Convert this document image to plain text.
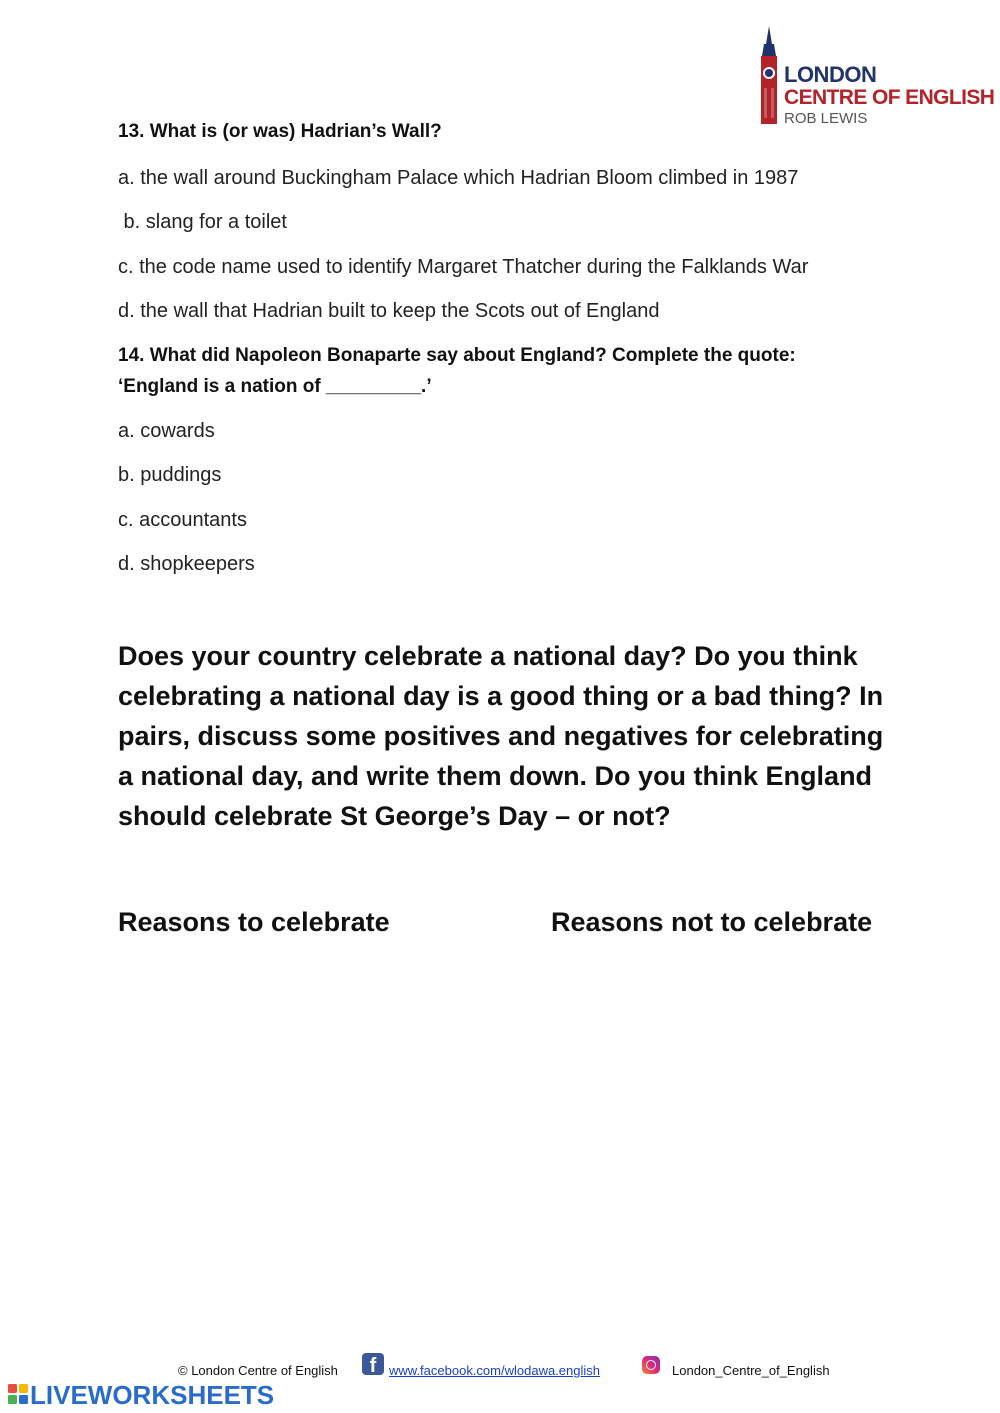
LONDON
CENTRE OF ENGLISH
ROB LEWIS
13. What is (or was) Hadrian’s Wall?
a. the wall around Buckingham Palace which Hadrian Bloom climbed in 1987
b. slang for a toilet
c. the code name used to identify Margaret Thatcher during the Falklands War
d. the wall that Hadrian built to keep the Scots out of England
14. What did Napoleon Bonaparte say about England? Complete the quote:
‘England is a nation of _________.’
a. cowards
b. puddings
c. accountants
d. shopkeepers
Does your country celebrate a national day? Do you think celebrating a national day is a good thing or a bad thing? In pairs, discuss some positives and negatives for celebrating a national day, and write them down. Do you think England should celebrate St George’s Day – or not?
Reasons to celebrate	Reasons not to celebrate
© London Centre of English	f www.facebook.com/wlodawa.english	London_Centre_of_English
LIVEWORKSHEETS
